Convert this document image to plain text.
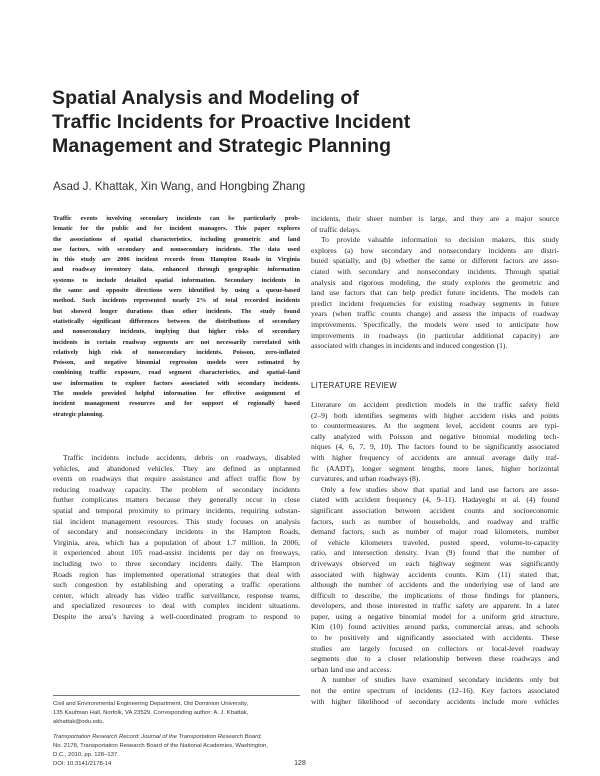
Spatial Analysis and Modeling of
Traffic Incidents for Proactive Incident
Management and Strategic Planning
Asad J. Khattak, Xin Wang, and Hongbing Zhang
Traffic events involving secondary incidents can be particularly prob-
lematic for the public and for incident managers. This paper explores
the associations of spatial characteristics, including geometric and land
use factors, with secondary and nonsecondary incidents. The data used
in this study are 2006 incident records from Hampton Roads in Virginia
and roadway inventory data, enhanced through geographic information
systems to include detailed spatial information. Secondary incidents in
the same and opposite directions were identified by using a queue-based
method. Such incidents represented nearly 2% of total recorded incidents
but showed longer durations than other incidents. The study found
statistically significant differences between the distributions of secondary
and nonsecondary incidents, implying that higher risks of secondary
incidents in certain roadway segments are not necessarily correlated with
relatively high risk of nonsecondary incidents. Poisson, zero-inflated
Poisson, and negative binomial regression models were estimated by
combining traffic exposure, road segment characteristics, and spatial–land
use information to explore factors associated with secondary incidents.
The models provided helpful information for effective assignment of
incident management resources and for support of regionally based
strategic planning.
Traffic incidents include accidents, debris on roadways, disabled
vehicles, and abandoned vehicles. They are defined as unplanned
events on roadways that require assistance and affect traffic flow by
reducing roadway capacity. The problem of secondary incidents
further complicates matters because they generally occur in close
spatial and temporal proximity to primary incidents, requiring substan-
tial incident management resources. This study focuses on analysis
of secondary and nonsecondary incidents in the Hampton Roads,
Virginia, area, which has a population of about 1.7 million. In 2006,
it experienced about 105 road-assist incidents per day on freeways,
including two to three secondary incidents daily. The Hampton
Roads region has implemented operational strategies that deal with
such congestion by establishing and operating a traffic operations
center, which already has video traffic surveillance, response teams,
and specialized resources to deal with complex incident situations.
Despite the area’s having a well-coordinated program to respond to
incidents, their sheer number is large, and they are a major source
of traffic delays.
To provide valuable information to decision makers, this study
explores (a) how secondary and nonsecondary incidents are distri-
buted spatially, and (b) whether the same or different factors are asso-
ciated with secondary and nonsecondary incidents. Through spatial
analysis and rigorous modeling, the study explores the geometric and
land use factors that can help predict future incidents. The models can
predict incident frequencies for existing roadway segments in future
years (when traffic counts change) and assess the impacts of roadway
improvements. Specifically, the models were used to anticipate how
improvements in roadways (in particular additional capacity) are
associated with changes in incidents and induced congestion (1).
LITERATURE REVIEW
Literature on accident prediction models in the traffic safety field
(2–9) both identifies segments with higher accident risks and points
to countermeasures. At the segment level, accident counts are typi-
cally analyzed with Poisson and negative binomial modeling tech-
niques (4, 6, 7, 9, 10). The factors found to be significantly associated
with higher frequency of accidents are annual average daily traf-
fic (AADT), longer segment lengths, more lanes, higher horizontal
curvatures, and urban roadways (8).
Only a few studies show that spatial and land use factors are asso-
ciated with accident frequency (4, 9–11). Hadayeghi et al. (4) found
significant association between accident counts and socioeconomic
factors, such as number of households, and roadway and traffic
demand factors, such as number of major road kilometers, number
of vehicle kilometers traveled, posted speed, volume-to-capacity
ratio, and intersection density. Ivan (9) found that the number of
driveways observed on each highway segment was significantly
associated with highway accidents counts. Kim (11) stated that,
although the number of accidents and the underlying use of land are
difficult to describe, the implications of those findings for planners,
developers, and those interested in traffic safety are apparent. In a later
paper, using a negative binomial model for a uniform grid structure,
Kim (10) found activities around parks, commercial areas, and schools
to be positively and significantly associated with accidents. These
studies are largely focused on collectors or local-level roadway
segments due to a closer relationship between these roadways and
urban land use and access.
A number of studies have examined secondary incidents only but
not the entire spectrum of incidents (12–16). Key factors associated
with higher likelihood of secondary accidents include more vehicles
Civil and Environmental Engineering Department, Old Dominion University,
135 Kaufman Hall, Norfolk, VA 23529. Corresponding author: A. J. Khattak,
akhattak@odu.edu.
Transportation Research Record: Journal of the Transportation Research Board,
No. 2178, Transportation Research Board of the National Academies, Washington,
D.C., 2010, pp. 128–137.
DOI: 10.3141/2178-14	128
